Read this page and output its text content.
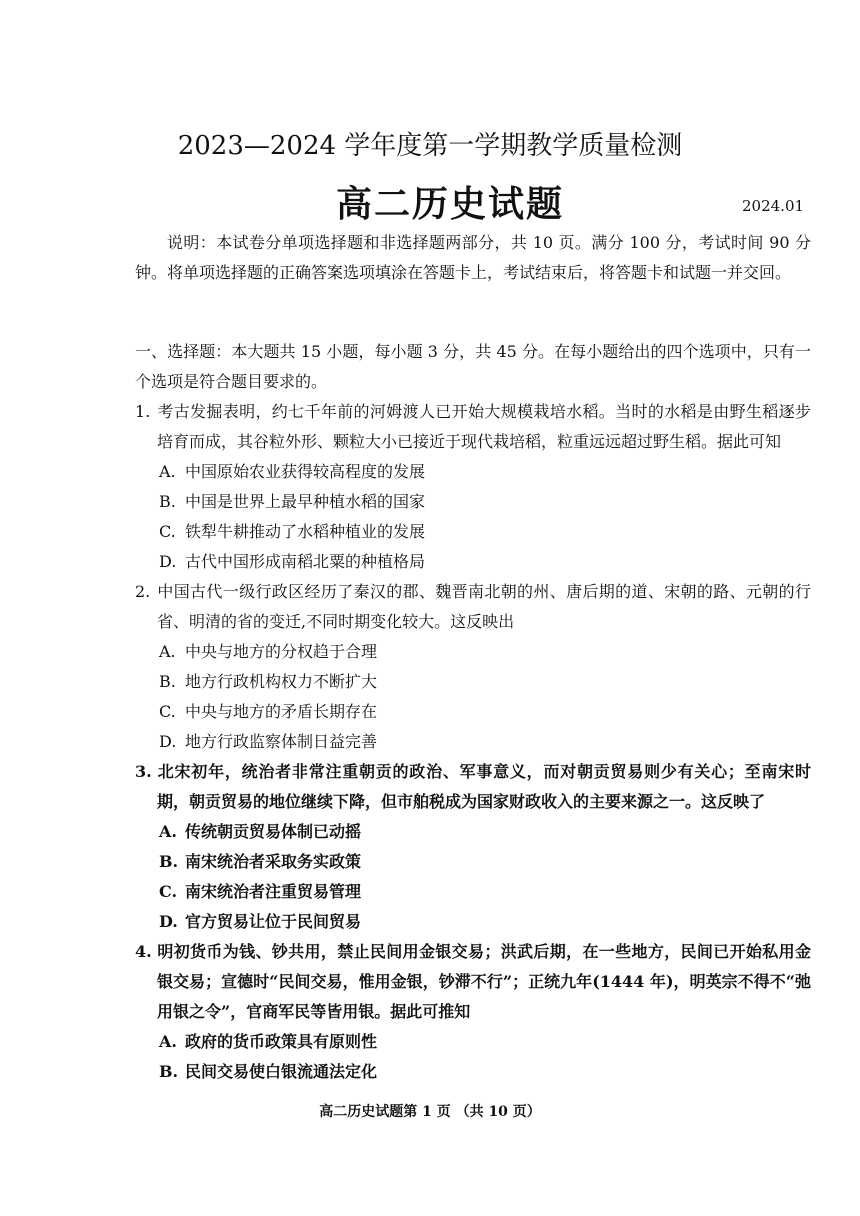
2023—2024 学年度第一学期教学质量检测
高二历史试题	2024.01
说明：本试卷分单项选择题和非选择题两部分，共 10 页。满分 100 分，考试时间 90 分钟。将单项选择题的正确答案选项填涂在答题卡上，考试结束后，将答题卡和试题一并交回。
一、选择题：本大题共 15 小题，每小题 3 分，共 45 分。在每小题给出的四个选项中，只有一个选项是符合题目要求的。
1. 考古发掘表明，约七千年前的河姆渡人已开始大规模栽培水稻。当时的水稻是由野生稻逐步培育而成，其谷粒外形、颗粒大小已接近于现代栽培稻，粒重远远超过野生稻。据此可知
A. 中国原始农业获得较高程度的发展
B. 中国是世界上最早种植水稻的国家
C. 铁犁牛耕推动了水稻种植业的发展
D. 古代中国形成南稻北粟的种植格局
2. 中国古代一级行政区经历了秦汉的郡、魏晋南北朝的州、唐后期的道、宋朝的路、元朝的行省、明清的省的变迁,不同时期变化较大。这反映出
A. 中央与地方的分权趋于合理
B. 地方行政机构权力不断扩大
C. 中央与地方的矛盾长期存在
D. 地方行政监察体制日益完善
3. 北宋初年，统治者非常注重朝贡的政治、军事意义，而对朝贡贸易则少有关心；至南宋时期，朝贡贸易的地位继续下降，但市舶税成为国家财政收入的主要来源之一。这反映了
A. 传统朝贡贸易体制已动摇
B. 南宋统治者采取务实政策
C. 南宋统治者注重贸易管理
D. 官方贸易让位于民间贸易
4. 明初货币为钱、钞共用，禁止民间用金银交易；洪武后期，在一些地方，民间已开始私用金银交易；宣德时“民间交易，惟用金银，钞滞不行”；正统九年(1444 年)，明英宗不得不“弛用银之令”，官商军民等皆用银。据此可推知
A. 政府的货币政策具有原则性
B. 民间交易使白银流通法定化
高二历史试题第 1 页 （共 10 页）
